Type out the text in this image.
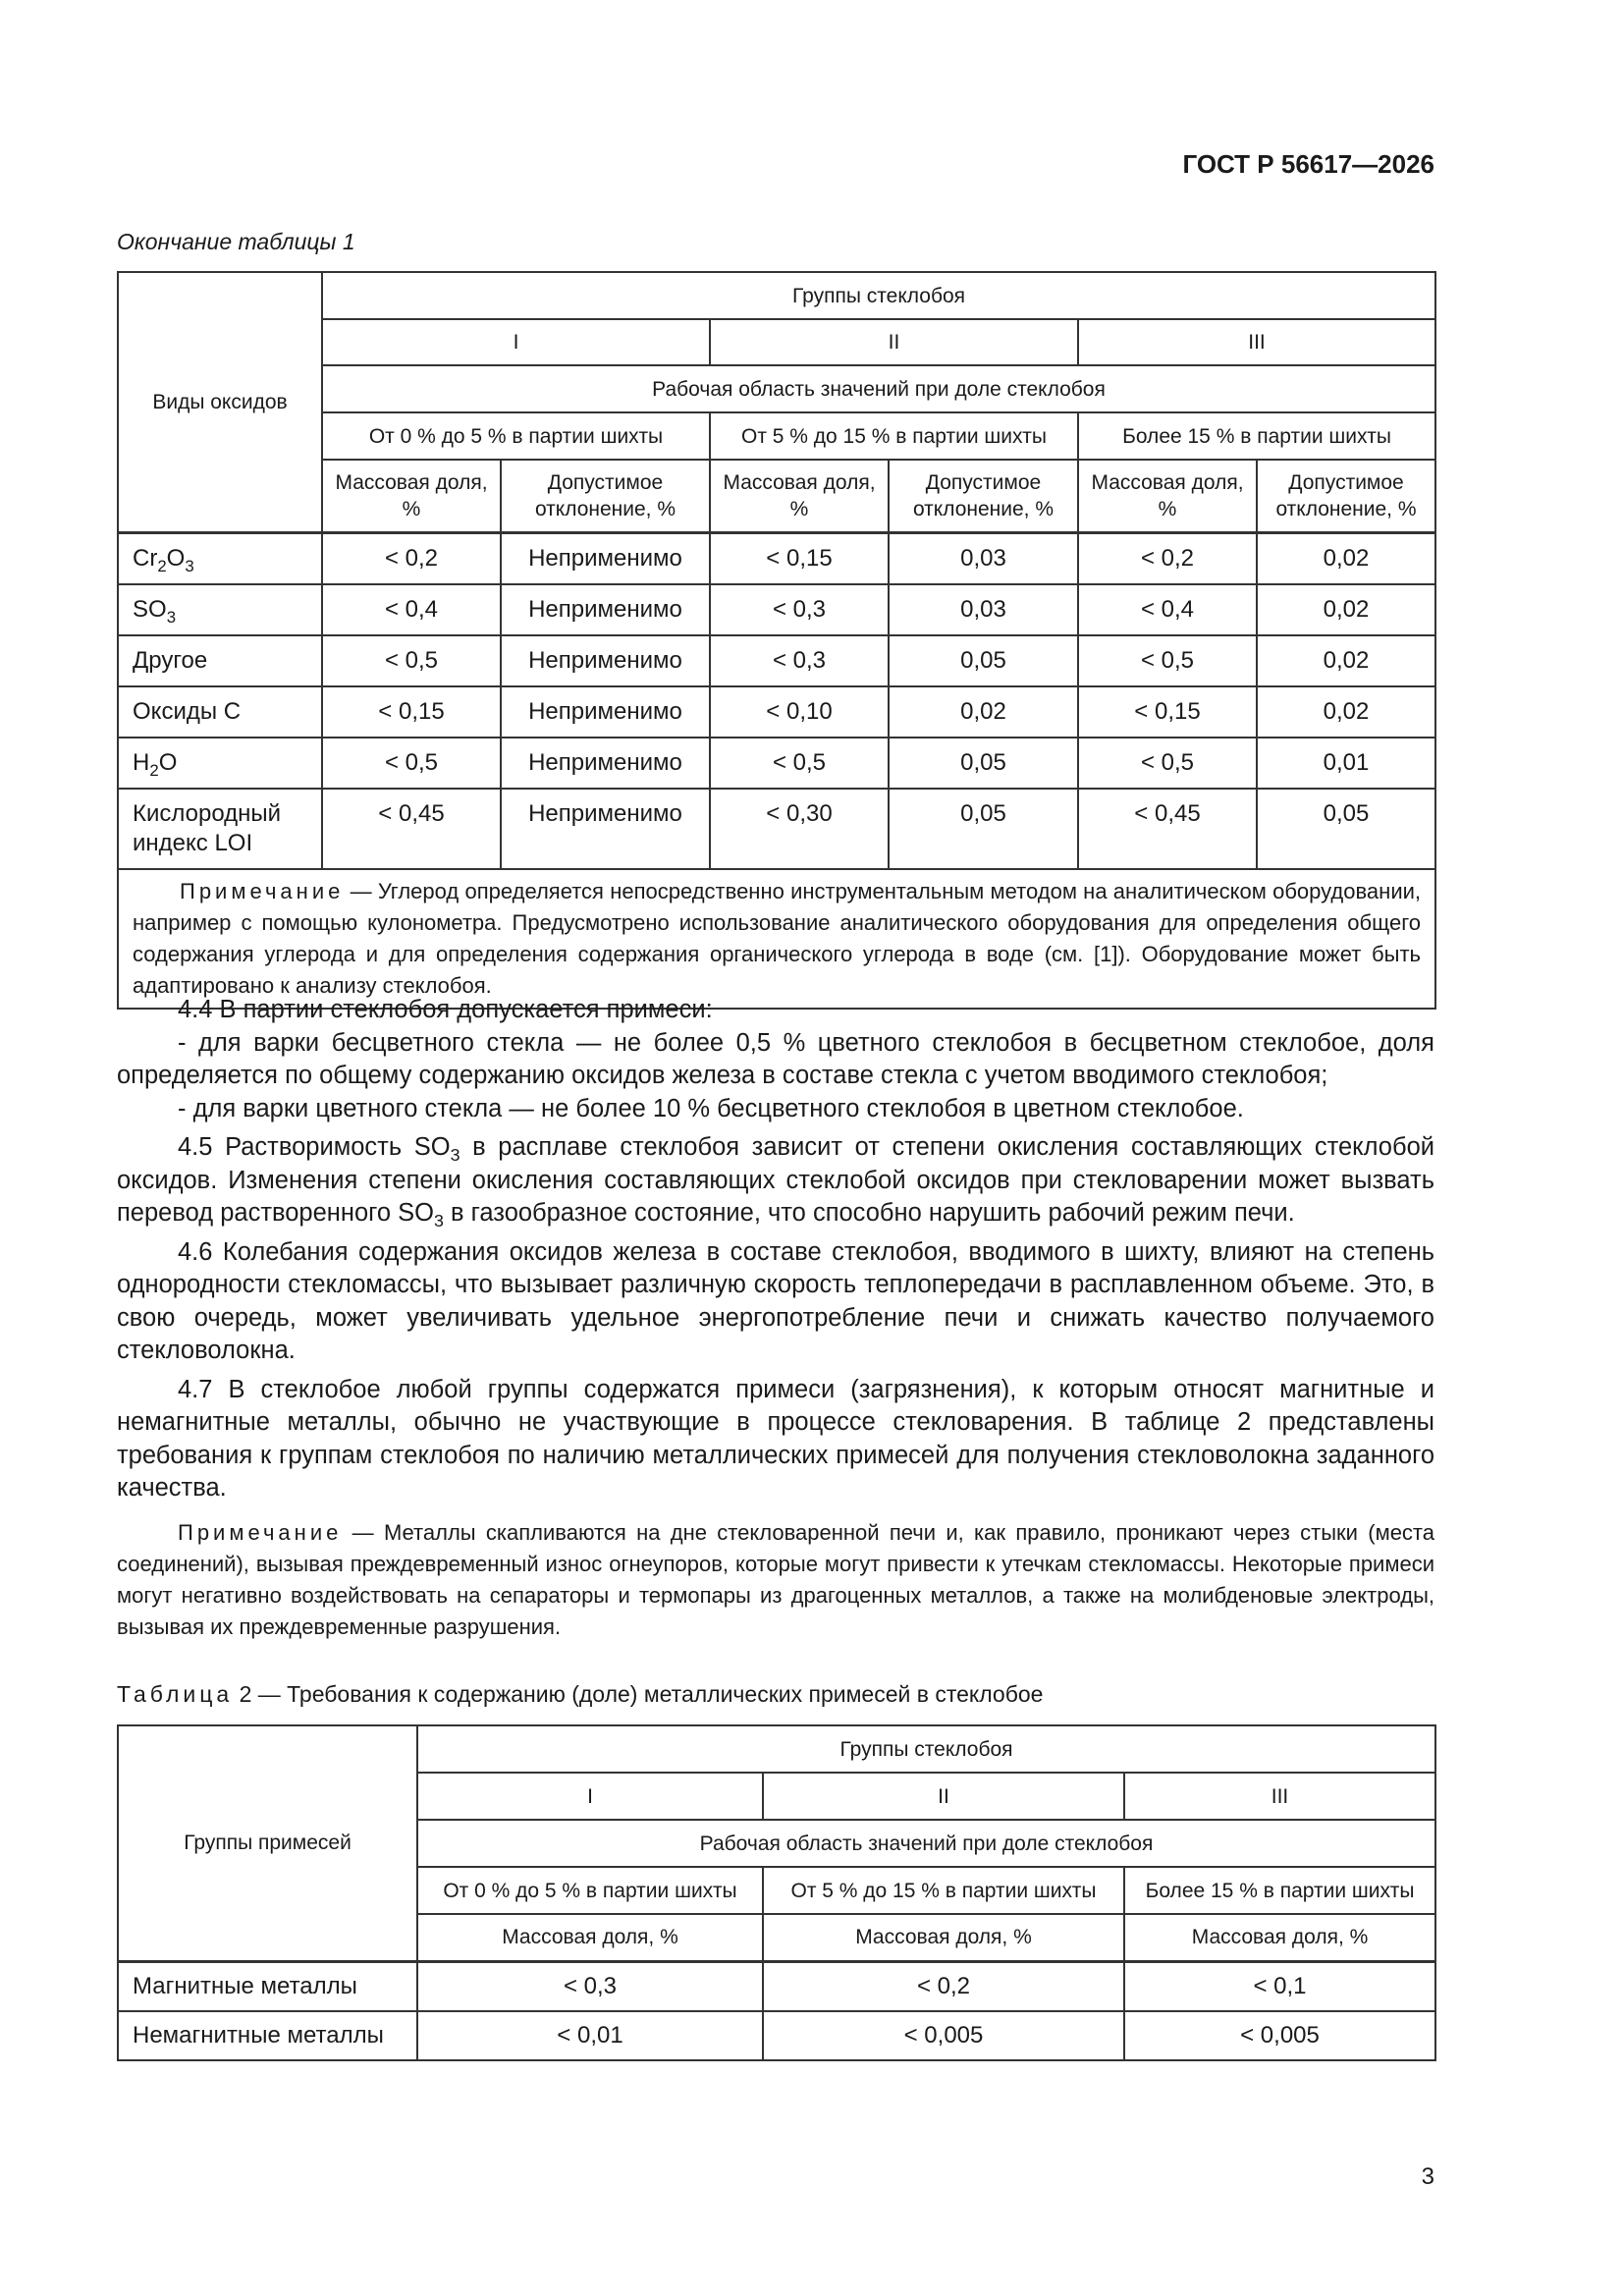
ГОСТ Р 56617—2026
Окончание таблицы 1
Виды оксидов	Группы стеклобоя					
	I		II		III	
	Рабочая область значений при доле стеклобоя					
	От 0 % до 5 % в партии шихты		От 5 % до 15 % в партии шихты		Более 15 % в партии шихты	
	Массовая доля, %	Допустимое отклонение, %	Массовая доля, %	Допустимое отклонение, %	Массовая доля, %	Допустимое отклонение, %
$Cr_2O_3$	< 0,2	Неприменимо	< 0,15	0,03	< 0,2	0,02
$SO_3$	< 0,4	Неприменимо	< 0,3	0,03	< 0,4	0,02
Другое	< 0,5	Неприменимо	< 0,3	0,05	< 0,5	0,02
Оксиды C	< 0,15	Неприменимо	< 0,10	0,02	< 0,15	0,02
$H_2O$	< 0,5	Неприменимо	< 0,5	0,05	< 0,5	0,01
Кислородный индекс LOI	< 0,45	Неприменимо	< 0,30	0,05	< 0,45	0,05
Примечание — Углерод определяется непосредственно инструментальным методом на аналитическом оборудовании, например с помощью кулонометра. Предусмотрено использование аналитического оборудования для определения общего содержания углерода и для определения содержания органического углерода в воде (см. [1]). Оборудование может быть адаптировано к анализу стеклобоя.						

4.4 В партии стеклобоя допускается примеси:

- для варки бесцветного стекла — не более 0,5 % цветного стеклобоя в бесцветном стеклобое, доля определяется по общему содержанию оксидов железа в составе стекла с учетом вводимого стеклобоя;

- для варки цветного стекла — не более 10 % бесцветного стеклобоя в цветном стеклобое.

4.5 Растворимость $SO_3$ в расплаве стеклобоя зависит от степени окисления составляющих стеклобой оксидов. Изменения степени окисления составляющих стеклобой оксидов при стекловарении может вызвать перевод растворенного $SO_3$ в газообразное состояние, что способно нарушить рабочий режим печи.

4.6 Колебания содержания оксидов железа в составе стеклобоя, вводимого в шихту, влияют на степень однородности стекломассы, что вызывает различную скорость теплопередачи в расплавленном объеме. Это, в свою очередь, может увеличивать удельное энергопотребление печи и снижать качество получаемого стекловолокна.

4.7 В стеклобое любой группы содержатся примеси (загрязнения), к которым относят магнитные и немагнитные металлы, обычно не участвующие в процессе стекловарения. В таблице 2 представлены требования к группам стеклобоя по наличию металлических примесей для получения стекловолокна заданного качества.

Примечание — Металлы скапливаются на дне стекловаренной печи и, как правило, проникают через стыки (места соединений), вызывая преждевременный износ огнеупоров, которые могут привести к утечкам стекломассы. Некоторые примеси могут негативно воздействовать на сепараторы и термопары из драгоценных металлов, а также на молибденовые электроды, вызывая их преждевременные разрушения.

Таблица 2 — Требования к содержанию (доле) металлических примесей в стеклобое
Группы примесей	Группы стеклобоя		
	I	II	III
	Рабочая область значений при доле стеклобоя		
	От 0 % до 5 % в партии шихты	От 5 % до 15 % в партии шихты	Более 15 % в партии шихты
	Массовая доля, %	Массовая доля, %	Массовая доля, %
Магнитные металлы	< 0,3	< 0,2	< 0,1
Немагнитные металлы	< 0,01	< 0,005	< 0,005
3
